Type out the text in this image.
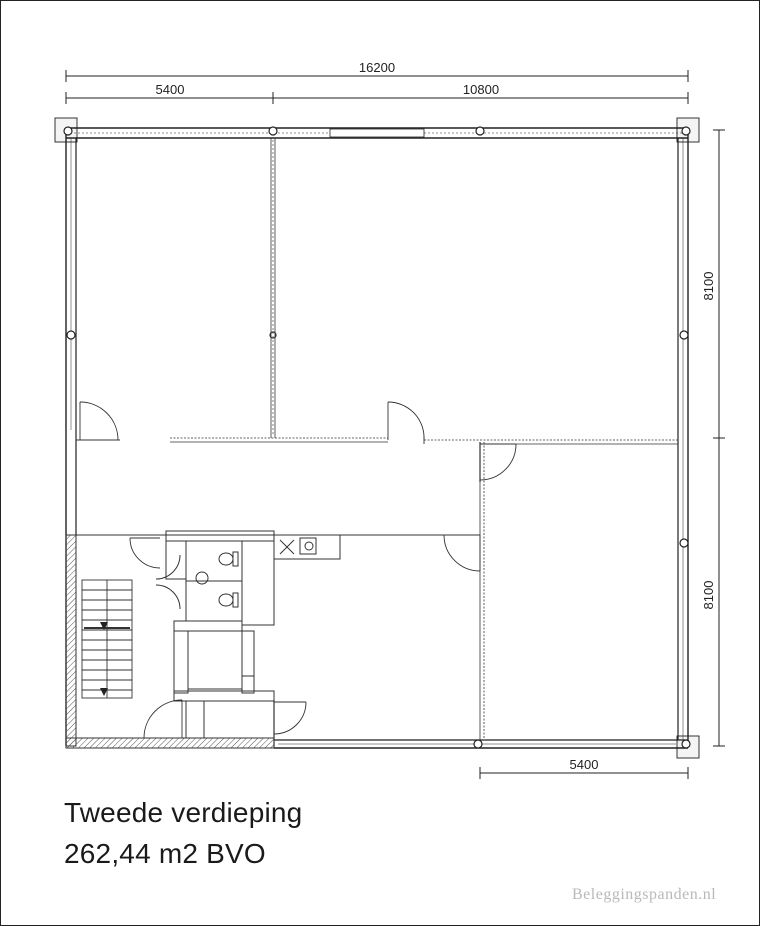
16200
5400	10800
8100
8100
5400
Tweede verdieping
262,44 m2 BVO
Beleggingspanden.nl
